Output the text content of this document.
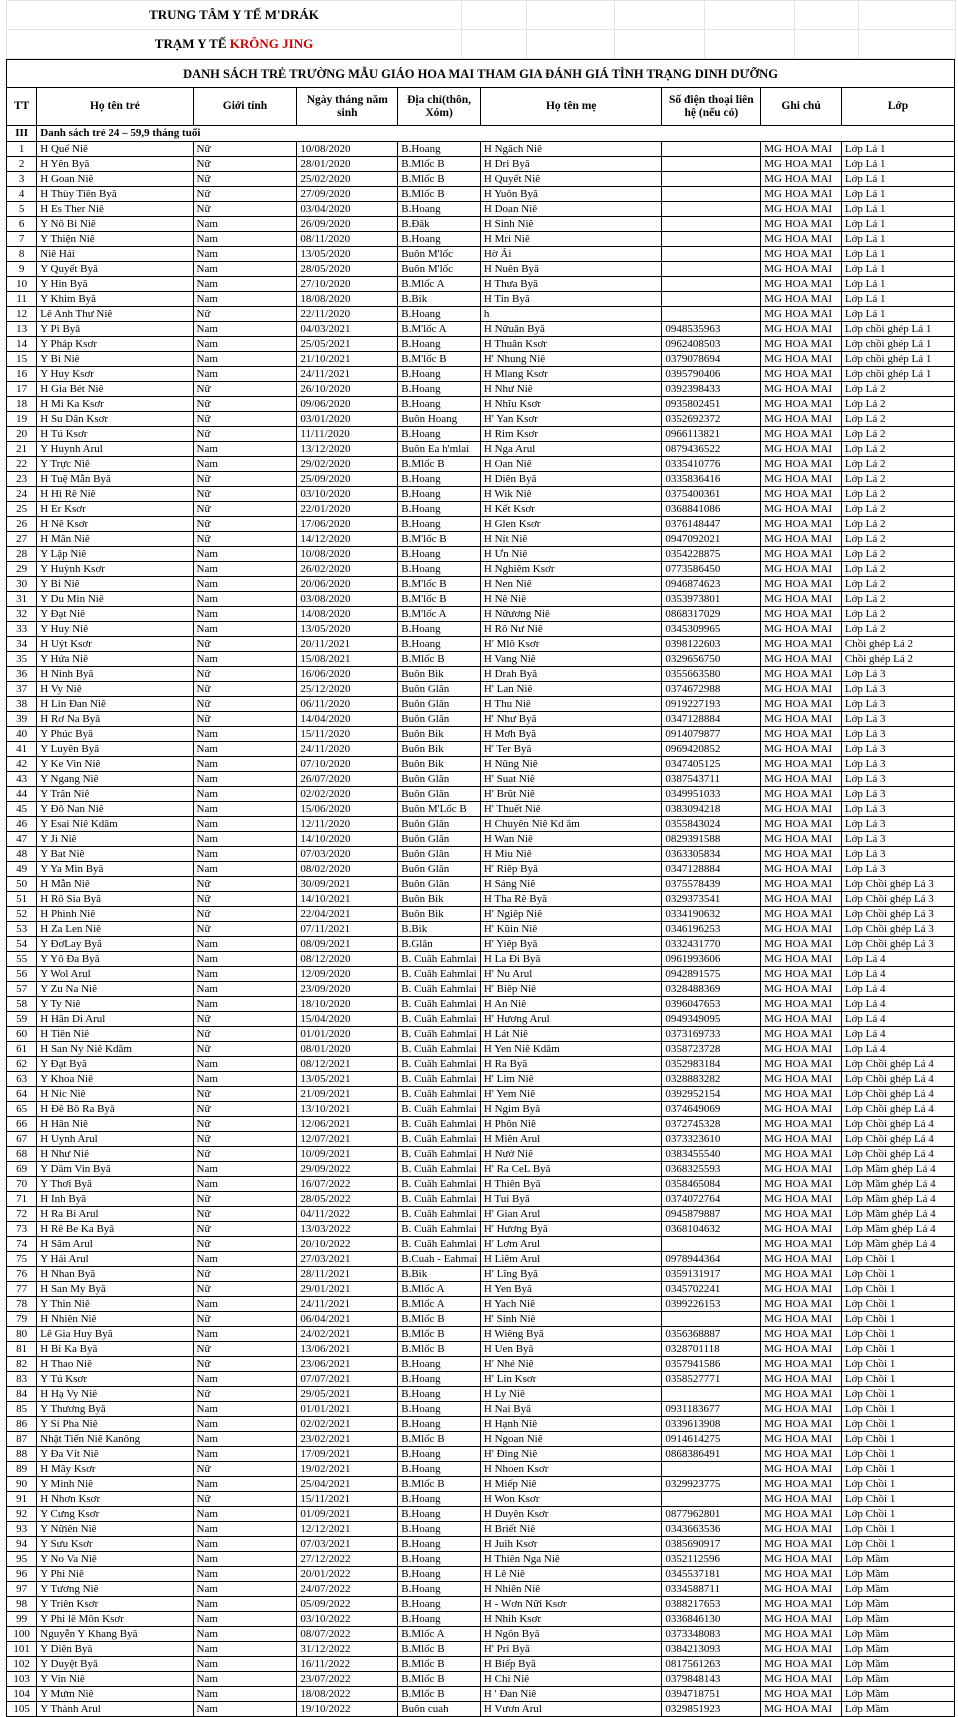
TRUNG TÂM Y TẾ M'DRÁK						
TRẠM Y TẾ KRÔNG JING						
DANH SÁCH TRẺ TRƯỜNG MẪU GIÁO HOA MAI THAM GIA ĐÁNH GIÁ TÌNH TRẠNG DINH DƯỠNG								
TT	Họ tên trẻ	Giới tính	Ngày tháng năm sinh	Địa chỉ(thôn, Xóm)	Họ tên mẹ	Số điện thoại liên hệ (nếu có)	Ghi chú	Lớp
III	Danh sách trẻ 24 – 59,9 tháng tuổi							
1	H Quế Niê	Nữ	10/08/2020	B.Hoang	H Ngăch Niê		MG HOA MAI	Lớp Lá 1
2	H Yên Byă	Nữ	28/01/2020	B.Mlốc B	H Dri Byă		MG HOA MAI	Lớp Lá 1
3	H Goan Niê	Nữ	25/02/2020	B.Mlốc B	H Quyết Niê		MG HOA MAI	Lớp Lá 1
4	H Thùy Tiên Byă	Nữ	27/09/2020	B.Mlốc B	H Yuôn Byă		MG HOA MAI	Lớp Lá 1
5	H Es Ther Niê	Nữ	03/04/2020	B.Hoang	H Doan Niê		MG HOA MAI	Lớp Lá 1
6	Y Nô Bi Niê	Nam	26/09/2020	B.Đăk	H Sinh Niê		MG HOA MAI	Lớp Lá 1
7	Y Thiện Niê	Nam	08/11/2020	B.Hoang	H Mri Niê		MG HOA MAI	Lớp Lá 1
8	Niê Hải	Nam	13/05/2020	Buôn M'lốc	Hờ Ái		MG HOA MAI	Lớp Lá 1
9	Y Quyết Byă	Nam	28/05/2020	Buôn M'lốc	H Nuên Byă		MG HOA MAI	Lớp Lá 1
10	Y Hin Byă	Nam	27/10/2020	B.Mlốc A	H Thưa Byă		MG HOA MAI	Lớp Lá 1
11	Y Khim Byă	Nam	18/08/2020	B.Bik	H Tin Byă		MG HOA MAI	Lớp Lá 1
12	Lê Anh Thư Niê	Nữ	22/11/2020	B.Hoang	h		MG HOA MAI	Lớp Lá 1
13	Y Pi Byă	Nam	04/03/2021	B.M'lốc A	H Nữuân Byă	0948535963	MG HOA MAI	Lớp chồi ghép Lá 1
14	Y Pháp Ksơr	Nam	25/05/2021	B.Hoang	H Thuân Ksơr	0962408503	MG HOA MAI	Lớp chồi ghép Lá 1
15	Y Bi Niê	Nam	21/10/2021	B.M'lốc B	H' Nhung Niê	0379078694	MG HOA MAI	Lớp chồi ghép Lá 1
16	Y Huy Ksơr	Nam	24/11/2021	B.Hoang	H Mlang Ksơr	0395790406	MG HOA MAI	Lớp chồi ghép Lá 1
17	H Gia Bét Niê	Nữ	26/10/2020	B.Hoang	H Như Niê	0392398433	MG HOA MAI	Lớp Lá 2
18	H Mi Ka Ksơr	Nữ	09/06/2020	B.Hoang	H Nhĩu Ksơr	0935802451	MG HOA MAI	Lớp Lá 2
19	H Su Dân Ksơr	Nữ	03/01/2020	Buôn Hoang	H' Yan Ksơr	0352692372	MG HOA MAI	Lớp Lá 2
20	H Tú Ksơr	Nữ	11/11/2020	B.Hoang	H Rim Ksơr	0966113821	MG HOA MAI	Lớp Lá 2
21	Y Huynh Arul	Nam	13/12/2020	Buôn Ea h'mlai	H Nga Arul	0879436522	MG HOA MAI	Lớp Lá 2
22	Y Trực Niê	Nam	29/02/2020	B.Mlốc B	H Oan Niê	0335410776	MG HOA MAI	Lớp Lá 2
23	H Tuệ Mẫn Byă	Nữ	25/09/2020	B.Hoang	H Diên Byă	0335836416	MG HOA MAI	Lớp Lá 2
24	H Hi Rê Niê	Nữ	03/10/2020	B.Hoang	H Wik Niê	0375400361	MG HOA MAI	Lớp Lá 2
25	H Er Ksơr	Nữ	22/01/2020	B.Hoang	H Kết Ksơr	0368841086	MG HOA MAI	Lớp Lá 2
26	H Nê Ksơr	Nữ	17/06/2020	B.Hoang	H Glen Ksơr	0376148447	MG HOA MAI	Lớp Lá 2
27	H Mân Niê	Nữ	14/12/2020	B.M'lốc B	H Nít Niê	0947092021	MG HOA MAI	Lớp Lá 2
28	Y Lập Niê	Nam	10/08/2020	B.Hoang	H Ưn Niê	0354228875	MG HOA MAI	Lớp Lá 2
29	Y Huỳnh Ksơr	Nam	26/02/2020	B.Hoang	H Nghiêm Ksơr	0773586450	MG HOA MAI	Lớp Lá 2
30	Y Bi Niê	Nam	20/06/2020	B.M'lốc B	H Nen Niê	0946874623	MG HOA MAI	Lớp Lá 2
31	Y Du Min Niê	Nam	03/08/2020	B.M'lốc B	H Nê Niê	0353973801	MG HOA MAI	Lớp Lá 2
32	Y Đạt Niê	Nam	14/08/2020	B.M'lốc A	H Nữương Niê	0868317029	MG HOA MAI	Lớp Lá 2
33	Y Huy Niê	Nam	13/05/2020	B.Hoang	H Rô Nư Niê	0345309965	MG HOA MAI	Lớp Lá 2
34	H Uýt Ksơr	Nữ	20/11/2021	B.Hoang	H' Mlô Ksơr	0398122603	MG HOA MAI	Chồi ghép Lá 2
35	Y Hứa Niê	Nam	15/08/2021	B.Mlốc B	H Vang Niê	0329656750	MG HOA MAI	Chồi ghép Lá 2
36	H Ninh Byă	Nữ	16/06/2020	Buôn Bik	H Drah Byă	0355663580	MG HOA MAI	Lớp Lá 3
37	H Vy Niê	Nữ	25/12/2020	Buôn Glăn	H' Lan Niê	0374672988	MG HOA MAI	Lớp Lá 3
38	H Lin Đan Niê	Nữ	06/11/2020	Buôn Glăn	H Thu Niê	0919227193	MG HOA MAI	Lớp Lá 3
39	H Rơ Na Byă	Nữ	14/04/2020	Buôn Glăn	H' Như Byă	0347128884	MG HOA MAI	Lớp Lá 3
40	Y Phúc Byă	Nam	15/11/2020	Buôn Bik	H Mơh Byă	0914079877	MG HOA MAI	Lớp Lá 3
41	Y Luyên Byă	Nam	24/11/2020	Buôn Bik	H' Ter Byă	0969420852	MG HOA MAI	Lớp Lá 3
42	Y Ke Vin Niê	Nam	07/10/2020	Buôn Bik	H Nũng Niê	0347405125	MG HOA MAI	Lớp Lá 3
43	Y Ngang Niê	Nam	26/07/2020	Buôn Glăn	H' Suat Niê	0387543711	MG HOA MAI	Lớp Lá 3
44	Y Trân Niê	Nam	02/02/2020	Buôn Glăn	H' Brũt Niê	0349951033	MG HOA MAI	Lớp Lá 3
45	Y Đô Nan Niê	Nam	15/06/2020	Buôn M'Lốc B	H' Thuết Niê	0383094218	MG HOA MAI	Lớp Lá 3
46	Y Esai Niê Kdăm	Nam	12/11/2020	Buôn Glăn	H Chuyên Niê Kd ăm	0355843024	MG HOA MAI	Lớp Lá 3
47	Y Ji Niê	Nam	14/10/2020	Buôn Glăn	H Wan Niê	0829391588	MG HOA MAI	Lớp Lá 3
48	Y Bat Niê	Nam	07/03/2020	Buôn Glăn	H Miu Niê	0363305834	MG HOA MAI	Lớp Lá 3
49	Y Ya Min Byă	Nam	08/02/2020	Buôn Glăn	H' Riêp Byă	0347128884	MG HOA MAI	Lớp Lá 3
50	H Mẫn Niê	Nữ	30/09/2021	Buôn Glăn	H Sáng Niê	0375578439	MG HOA MAI	Lớp Chồi ghép Lá 3
51	H Rô Sia Byă	Nữ	14/10/2021	Buôn Bik	H Tha Rê Byă	0329373541	MG HOA MAI	Lớp Chồi ghép Lá 3
52	H Phinh Niê	Nữ	22/04/2021	Buôn Bik	H' Ngiêp Niê	0334190632	MG HOA MAI	Lớp Chồi ghép Lá 3
53	H Za Len Niê	Nữ	07/11/2021	B.Bik	H' Kũin Niê	0346196253	MG HOA MAI	Lớp Chồi ghép Lá 3
54	Y ĐơLay Byă	Nam	08/09/2021	B.Glăn	H' Yiêp Byă	0332431770	MG HOA MAI	Lớp Chồi ghép Lá 3
55	Y Yô Đa Byă	Nam	08/12/2020	B. Cuăh Eahmlai	H La Đi Byă	0961993606	MG HOA MAI	Lớp Lá 4
56	Y Wol Arul	Nam	12/09/2020	B. Cuăh Eahmlai	H' Nu Arul	0942891575	MG HOA MAI	Lớp Lá 4
57	Y Zu Na Niê	Nam	23/09/2020	B. Cuăh Eahmlai	H' Biêp Niê	0328488369	MG HOA MAI	Lớp Lá 4
58	Y Ty Niê	Nam	18/10/2020	B. Cuăh Eahmlai	H An Niê	0396047653	MG HOA MAI	Lớp Lá 4
59	H Hân Di Arul	Nữ	15/04/2020	B. Cuăh Eahmlai	H' Hương Arul	0949349095	MG HOA MAI	Lớp Lá 4
60	H Tiên Niê	Nữ	01/01/2020	B. Cuăh Eahmlai	H Lát Niê	0373169733	MG HOA MAI	Lớp Lá 4
61	H San Ny Niê Kdăm	Nữ	08/01/2020	B. Cuăh Eahmlai	H Yen Niê Kdăm	0358723728	MG HOA MAI	Lớp Lá 4
62	Y Đạt Byă	Nam	08/12/2021	B. Cuăh Eahmlai	H Ra Byă	0352983184	MG HOA MAI	Lớp Chồi ghép Lá 4
63	Y Khoa Niê	Nam	13/05/2021	B. Cuăh Eahmlai	H' Lim Niê	0328883282	MG HOA MAI	Lớp Chồi ghép Lá 4
64	H Nic Niê	Nữ	21/09/2021	B. Cuăh Eahmlai	H' Yem Niê	0392952154	MG HOA MAI	Lớp Chồi ghép Lá 4
65	H Đê Bô Ra Byă	Nữ	13/10/2021	B. Cuăh Eahmlai	H Ngim Byă	0374649069	MG HOA MAI	Lớp Chồi ghép Lá 4
66	H Hân Niê	Nữ	12/06/2021	B. Cuăh Eahmlai	H Phôn Niê	0372745328	MG HOA MAI	Lớp Chồi ghép Lá 4
67	H Uynh Arul	Nữ	12/07/2021	B. Cuăh Eahmlai	H Miên Arul	0373323610	MG HOA MAI	Lớp Chồi ghép Lá 4
68	H Như Niê	Nữ	10/09/2021	B. Cuăh Eahmlai	H Nưở Niê	0383455540	MG HOA MAI	Lớp Chồi ghép Lá 4
69	Y Dăm Vin Byă	Nam	29/09/2022	B. Cuăh Eahmlai	H' Ra CeL Byă	0368325593	MG HOA MAI	Lớp Mầm ghép Lá 4
70	Y Thơi Byă	Nam	16/07/2022	B. Cuăh Eahmlai	H Thiên Byă	0358465084	MG HOA MAI	Lớp Mầm ghép Lá 4
71	H Inh Byă	Nữ	28/05/2022	B. Cuăh Eahmlai	H Tui Byă	0374072764	MG HOA MAI	Lớp Mầm ghép Lá 4
72	H Ra Bi Arul	Nữ	04/11/2022	B. Cuăh Eahmlai	H' Gian Arul	0945879887	MG HOA MAI	Lớp Mầm ghép Lá 4
73	H Rê Be Ka Byă	Nữ	13/03/2022	B. Cuăh Eahmlai	H' Hương Byă	0368104632	MG HOA MAI	Lớp Mầm ghép Lá 4
74	H Sâm Arul	Nữ	20/10/2022	B. Cuăh Eahmlai	H' Lơm Arul		MG HOA MAI	Lớp Mầm ghép Lá 4
75	Y Hải Arul	Nam	27/03/2021	B.Cuah - Eahmai	H Liêm Arul	0978944364	MG HOA MAI	Lớp Chồi 1
76	H Nhan Byă	Nữ	28/11/2021	B.Bik	H' Lĩng Byă	0359131917	MG HOA MAI	Lớp Chồi 1
77	H San My Byă	Nữ	29/01/2021	B.Mlốc A	H Yen Byă	0345702241	MG HOA MAI	Lớp Chồi 1
78	Y Thin Niê	Nam	24/11/2021	B.Mlốc A	H Yach Niê	0399226153	MG HOA MAI	Lớp Chồi 1
79	H Nhiên Niê	Nữ	06/04/2021	B.Mlốc B	H' Sinh Niê		MG HOA MAI	Lớp Chồi 1
80	Lê Gia Huy Byă	Nam	24/02/2021	B.Mlốc B	H Wiêng Byă	0356368887	MG HOA MAI	Lớp Chồi 1
81	H Bi Ka Byă	Nữ	13/06/2021	B.Mlốc B	H Uen Byă	0328701118	MG HOA MAI	Lớp Chồi 1
82	H Thao Niê	Nữ	23/06/2021	B.Hoang	H' Nhé Niê	0357941586	MG HOA MAI	Lớp Chồi 1
83	Y Tú Ksơr	Nam	07/07/2021	B.Hoang	H' Lin Ksơr	0358527771	MG HOA MAI	Lớp Chồi 1
84	H Hạ Vy Niê	Nữ	29/05/2021	B.Hoang	H Ly Niê		MG HOA MAI	Lớp Chồi 1
85	Y Thương Byă	Nam	01/01/2021	B.Hoang	H Nai Byă	0931183677	MG HOA MAI	Lớp Chồi 1
86	Y Si Pha Niê	Nam	02/02/2021	B.Hoang	H Hạnh Niê	0339613908	MG HOA MAI	Lớp Chồi 1
87	Nhật Tiến Niê Kanông	Nam	23/02/2021	B.Mlốc B	H Ngoan Niê	0914614275	MG HOA MAI	Lớp Chồi 1
88	Y Đa Vít Niê	Nam	17/09/2021	B.Hoang	H' Đing Niê	0868386491	MG HOA MAI	Lớp Chồi 1
89	H Mây Ksơr	Nữ	19/02/2021	B.Hoang	H Nhoen Ksơr		MG HOA MAI	Lớp Chồi 1
90	Y Minh Niê	Nam	25/04/2021	B.Mlốc B	H Miếp Niê	0329923775	MG HOA MAI	Lớp Chồi 1
91	H Nhơn Ksơr	Nữ	15/11/2021	B.Hoang	H Won Ksơr		MG HOA MAI	Lớp Chồi 1
92	Y Cưng Ksơr	Nam	01/09/2021	B.Hoang	H Duyên Ksơr	0877962801	MG HOA MAI	Lớp Chồi 1
93	Y Nữiên Niê	Nam	12/12/2021	B.Hoang	H Briết Niê	0343663536	MG HOA MAI	Lớp Chồi 1
94	Y Sưu Ksơr	Nam	07/03/2021	B.Hoang	H Juih Ksơr	0385690917	MG HOA MAI	Lớp Chồi 1
95	Y No Va Niê	Nam	27/12/2022	B.Hoang	H Thiên Nga Niê	0352112596	MG HOA MAI	Lớp Mầm
96	Y Phi Niê	Nam	20/01/2022	B.Hoang	H Lê Niê	0345537181	MG HOA MAI	Lớp Mầm
97	Y Tương Niê	Nam	24/07/2022	B.Hoang	H Nhiên Niê	0334588711	MG HOA MAI	Lớp Mầm
98	Y Triên Ksơr	Nam	05/09/2022	B.Hoang	H - Wơn Nữi Ksơr	0388217653	MG HOA MAI	Lớp Mầm
99	Y Phi lê Môn Ksơr	Nam	03/10/2022	B.Hoang	H Nhih Ksơr	0336846130	MG HOA MAI	Lớp Mầm
100	Nguyễn Y Khang Byă	Nam	08/07/2022	B.Mlốc A	H Ngôn Byă	0373348083	MG HOA MAI	Lớp Mầm
101	Y Diên Byă	Nam	31/12/2022	B.Mlốc B	H' Pri Byă	0384213093	MG HOA MAI	Lớp Mầm
102	Y Duyệt Byă	Nam	16/11/2022	B.Mlốc B	H Biếp Byă	0817561263	MG HOA MAI	Lớp Mầm
103	Y Vin Niê	Nam	23/07/2022	B.Mlốc B	H Chi Niê	0379848143	MG HOA MAI	Lớp Mầm
104	Y Mưm Niê	Nam	18/08/2022	B.Mlốc B	H ' Đan Niê	0394718751	MG HOA MAI	Lớp Mầm
105	Y Thành Arul	Nam	19/10/2022	Buôn cuah	H Vươn Arul	0329851923	MG HOA MAI	Lớp Mầm
